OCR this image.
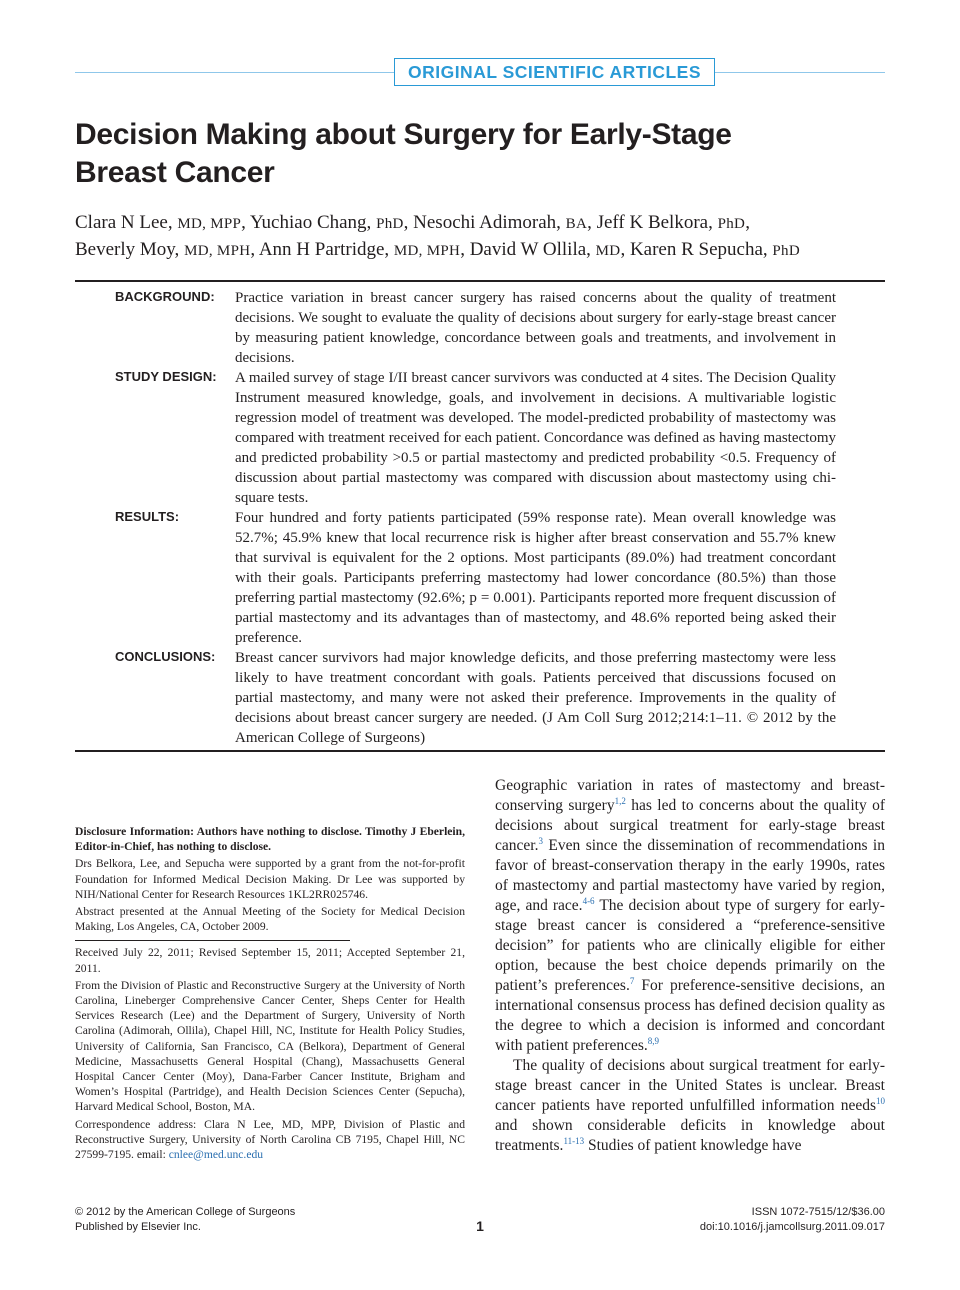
ORIGINAL SCIENTIFIC ARTICLES
Decision Making about Surgery for Early-Stage
Breast Cancer
Clara N Lee, MD, MPP, Yuchiao Chang, PhD, Nesochi Adimorah, BA, Jeff K Belkora, PhD,
Beverly Moy, MD, MPH, Ann H Partridge, MD, MPH, David W Ollila, MD, Karen R Sepucha, PhD
BACKGROUND: Practice variation in breast cancer surgery has raised concerns about the quality of treatment decisions. We sought to evaluate the quality of decisions about surgery for early-stage breast cancer by measuring patient knowledge, concordance between goals and treatments, and involvement in decisions.
STUDY DESIGN: A mailed survey of stage I/II breast cancer survivors was conducted at 4 sites. The Decision Quality Instrument measured knowledge, goals, and involvement in decisions. A multivariable logistic regression model of treatment was developed. The model-predicted probability of mastectomy was compared with treatment received for each patient. Concordance was defined as having mastectomy and predicted probability >0.5 or partial mastectomy and predicted probability <0.5. Frequency of discussion about partial mastectomy was compared with discussion about mastectomy using chi-square tests.
RESULTS:	Four hundred and forty patients participated (59% response rate). Mean overall knowledge was 52.7%; 45.9% knew that local recurrence risk is higher after breast conservation and 55.7% knew that survival is equivalent for the 2 options. Most participants (89.0%) had treatment concordant with their goals. Participants preferring mastectomy had lower concordance (80.5%) than those preferring partial mastectomy (92.6%; p = 0.001). Participants reported more frequent discussion of partial mastectomy and its advantages than of mastectomy, and 48.6% reported being asked their preference.
CONCLUSIONS: Breast cancer survivors had major knowledge deficits, and those preferring mastectomy were less likely to have treatment concordant with goals. Patients perceived that discussions focused on partial mastectomy, and many were not asked their preference. Improvements in the quality of decisions about breast cancer surgery are needed. (J Am Coll Surg 2012;214:1–11. © 2012 by the American College of Surgeons)

Disclosure Information: Authors have nothing to disclose. Timothy J Eberlein, Editor-in-Chief, has nothing to disclose.

Drs Belkora, Lee, and Sepucha were supported by a grant from the not-for-profit Foundation for Informed Medical Decision Making. Dr Lee was supported by NIH/National Center for Research Resources 1KL2RR025746.

Abstract presented at the Annual Meeting of the Society for Medical Decision Making, Los Angeles, CA, October 2009.

Received July 22, 2011; Revised September 15, 2011; Accepted September 21, 2011.

From the Division of Plastic and Reconstructive Surgery at the University of North Carolina, Lineberger Comprehensive Cancer Center, Sheps Center for Health Services Research (Lee) and the Department of Surgery, University of North Carolina (Adimorah, Ollila), Chapel Hill, NC, Institute for Health Policy Studies, University of California, San Francisco, CA (Belkora), Department of General Medicine, Massachusetts General Hospital (Chang), Massachusetts General Hospital Cancer Center (Moy), Dana-Farber Cancer Institute, Brigham and Women’s Hospital (Partridge), and Health Decision Sciences Center (Sepucha), Harvard Medical School, Boston, MA.

Correspondence address: Clara N Lee, MD, MPP, Division of Plastic and Reconstructive Surgery, University of North Carolina CB 7195, Chapel Hill, NC 27599-7195. email: cnlee@med.unc.edu

Geographic variation in rates of mastectomy and breast-conserving surgery$^{1,2}$ has led to concerns about the quality of decisions about surgical treatment for early-stage breast cancer.$^3$ Even since the dissemination of recommendations in favor of breast-conservation therapy in the early 1990s, rates of mastectomy and partial mastectomy have varied by region, age, and race.$^{4-6}$ The decision about type of surgery for early-stage breast cancer is considered a “preference-sensitive decision” for patients who are clinically eligible for either option, because the best choice depends primarily on the patient’s preferences.$^7$ For preference-sensitive decisions, an international consensus process has defined decision quality as the degree to which a decision is informed and concordant with patient preferences.$^{8,9}$

The quality of decisions about surgical treatment for early-stage breast cancer in the United States is unclear. Breast cancer patients have reported unfulfilled information needs$^{10}$ and shown considerable deficits in knowledge about treatments.$^{11-13}$ Studies of patient knowledge have

© 2012 by the American College of Surgeons
Published by Elsevier Inc.	1
ISSN 1072-7515/12/$36.00
doi:10.1016/j.jamcollsurg.2011.09.017
